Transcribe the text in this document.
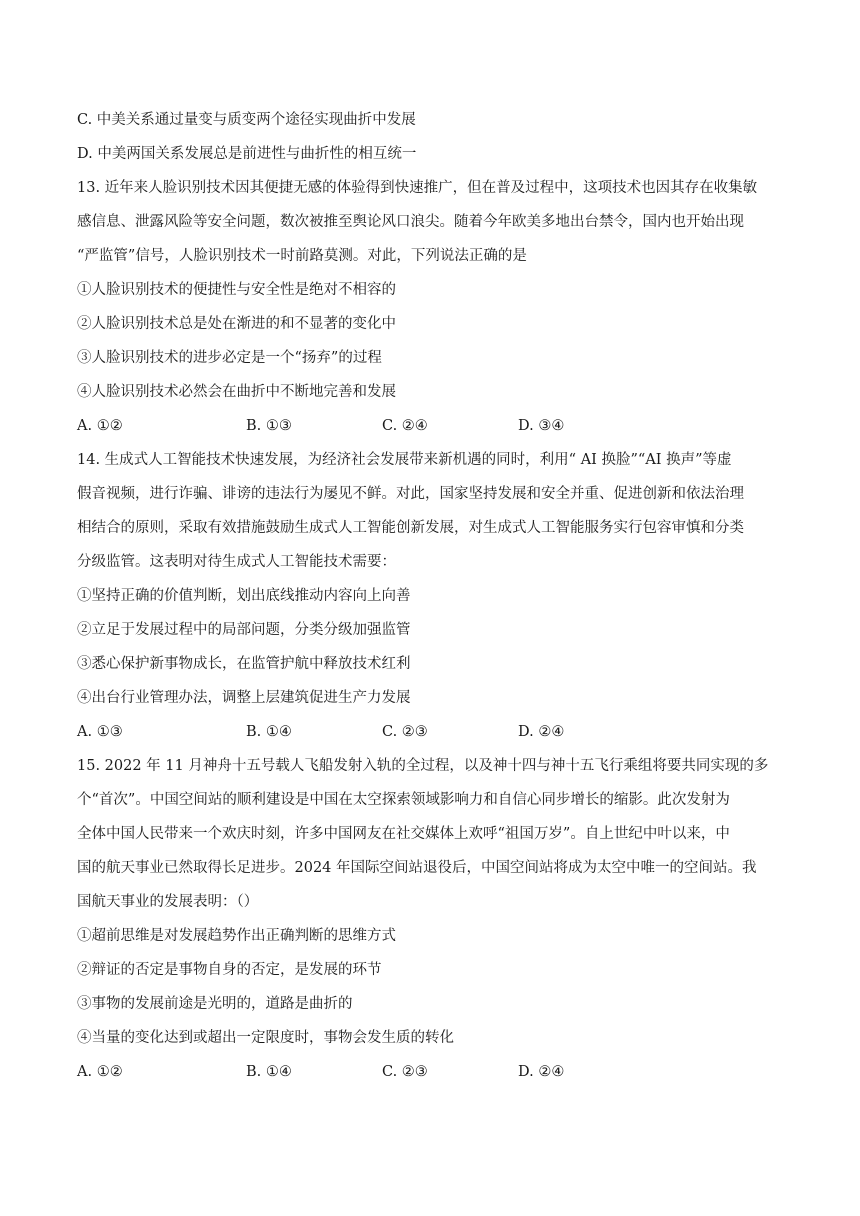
C. 中美关系通过量变与质变两个途径实现曲折中发展
D. 中美两国关系发展总是前进性与曲折性的相互统一
13. 近年来人脸识别技术因其便捷无感的体验得到快速推广，但在普及过程中，这项技术也因其存在收集敏
感信息、泄露风险等安全问题，数次被推至舆论风口浪尖。随着今年欧美多地出台禁令，国内也开始出现
“严监管”信号，人脸识别技术一时前路莫测。对此，下列说法正确的是
①人脸识别技术的便捷性与安全性是绝对不相容的
②人脸识别技术总是处在渐进的和不显著的变化中
③人脸识别技术的进步必定是一个“扬弃”的过程
④人脸识别技术必然会在曲折中不断地完善和发展
A. ①②	B. ①③	C. ②④	D. ③④
14. 生成式人工智能技术快速发展，为经济社会发展带来新机遇的同时，利用“ AI 换脸”“AI 换声”等虚
假音视频，进行诈骗、诽谤的违法行为屡见不鲜。对此，国家坚持发展和安全并重、促进创新和依法治理
相结合的原则，采取有效措施鼓励生成式人工智能创新发展，对生成式人工智能服务实行包容审慎和分类
分级监管。这表明对待生成式人工智能技术需要：
①坚持正确的价值判断，划出底线推动内容向上向善
②立足于发展过程中的局部问题，分类分级加强监管
③悉心保护新事物成长，在监管护航中释放技术红利
④出台行业管理办法，调整上层建筑促进生产力发展
A. ①③	B. ①④	C. ②③	D. ②④
15. 2022 年 11 月神舟十五号载人飞船发射入轨的全过程，以及神十四与神十五飞行乘组将要共同实现的多
个“首次”。中国空间站的顺利建设是中国在太空探索领域影响力和自信心同步增长的缩影。此次发射为
全体中国人民带来一个欢庆时刻，许多中国网友在社交媒体上欢呼“祖国万岁”。自上世纪中叶以来，中
国的航天事业已然取得长足进步。2024 年国际空间站退役后，中国空间站将成为太空中唯一的空间站。我
国航天事业的发展表明：（）
①超前思维是对发展趋势作出正确判断的思维方式
②辩证的否定是事物自身的否定，是发展的环节
③事物的发展前途是光明的，道路是曲折的
④当量的变化达到或超出一定限度时，事物会发生质的转化
A. ①②	B. ①④	C. ②③	D. ②④
